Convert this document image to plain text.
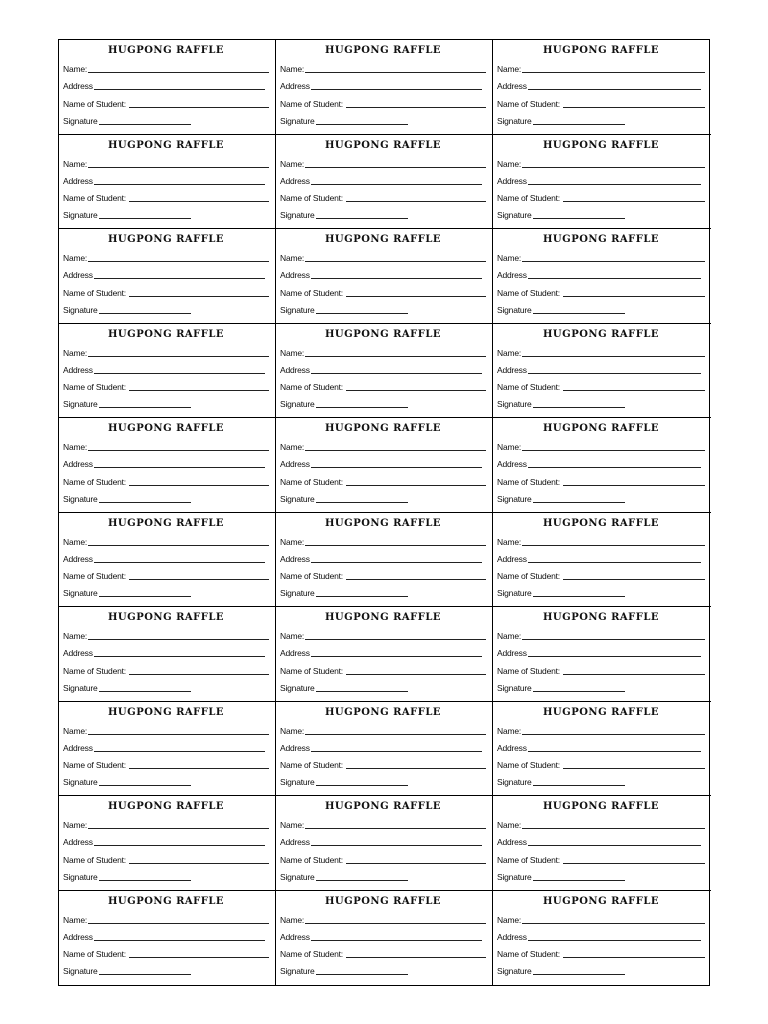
HUGPONG RAFFLE
Name:
Address
Name of Student:
Signature
HUGPONG RAFFLE
Name:
Address
Name of Student:
Signature
HUGPONG RAFFLE
Name:
Address
Name of Student:
Signature
HUGPONG RAFFLE
Name:
Address
Name of Student:
Signature
HUGPONG RAFFLE
Name:
Address
Name of Student:
Signature
HUGPONG RAFFLE
Name:
Address
Name of Student:
Signature
HUGPONG RAFFLE
Name:
Address
Name of Student:
Signature
HUGPONG RAFFLE
Name:
Address
Name of Student:
Signature
HUGPONG RAFFLE
Name:
Address
Name of Student:
Signature
HUGPONG RAFFLE
Name:
Address
Name of Student:
Signature
HUGPONG RAFFLE
Name:
Address
Name of Student:
Signature
HUGPONG RAFFLE
Name:
Address
Name of Student:
Signature
HUGPONG RAFFLE
Name:
Address
Name of Student:
Signature
HUGPONG RAFFLE
Name:
Address
Name of Student:
Signature
HUGPONG RAFFLE
Name:
Address
Name of Student:
Signature
HUGPONG RAFFLE
Name:
Address
Name of Student:
Signature
HUGPONG RAFFLE
Name:
Address
Name of Student:
Signature
HUGPONG RAFFLE
Name:
Address
Name of Student:
Signature
HUGPONG RAFFLE
Name:
Address
Name of Student:
Signature
HUGPONG RAFFLE
Name:
Address
Name of Student:
Signature
HUGPONG RAFFLE
Name:
Address
Name of Student:
Signature
HUGPONG RAFFLE
Name:
Address
Name of Student:
Signature
HUGPONG RAFFLE
Name:
Address
Name of Student:
Signature
HUGPONG RAFFLE
Name:
Address
Name of Student:
Signature
HUGPONG RAFFLE
Name:
Address
Name of Student:
Signature
HUGPONG RAFFLE
Name:
Address
Name of Student:
Signature
HUGPONG RAFFLE
Name:
Address
Name of Student:
Signature
HUGPONG RAFFLE
Name:
Address
Name of Student:
Signature
HUGPONG RAFFLE
Name:
Address
Name of Student:
Signature
HUGPONG RAFFLE
Name:
Address
Name of Student:
Signature
